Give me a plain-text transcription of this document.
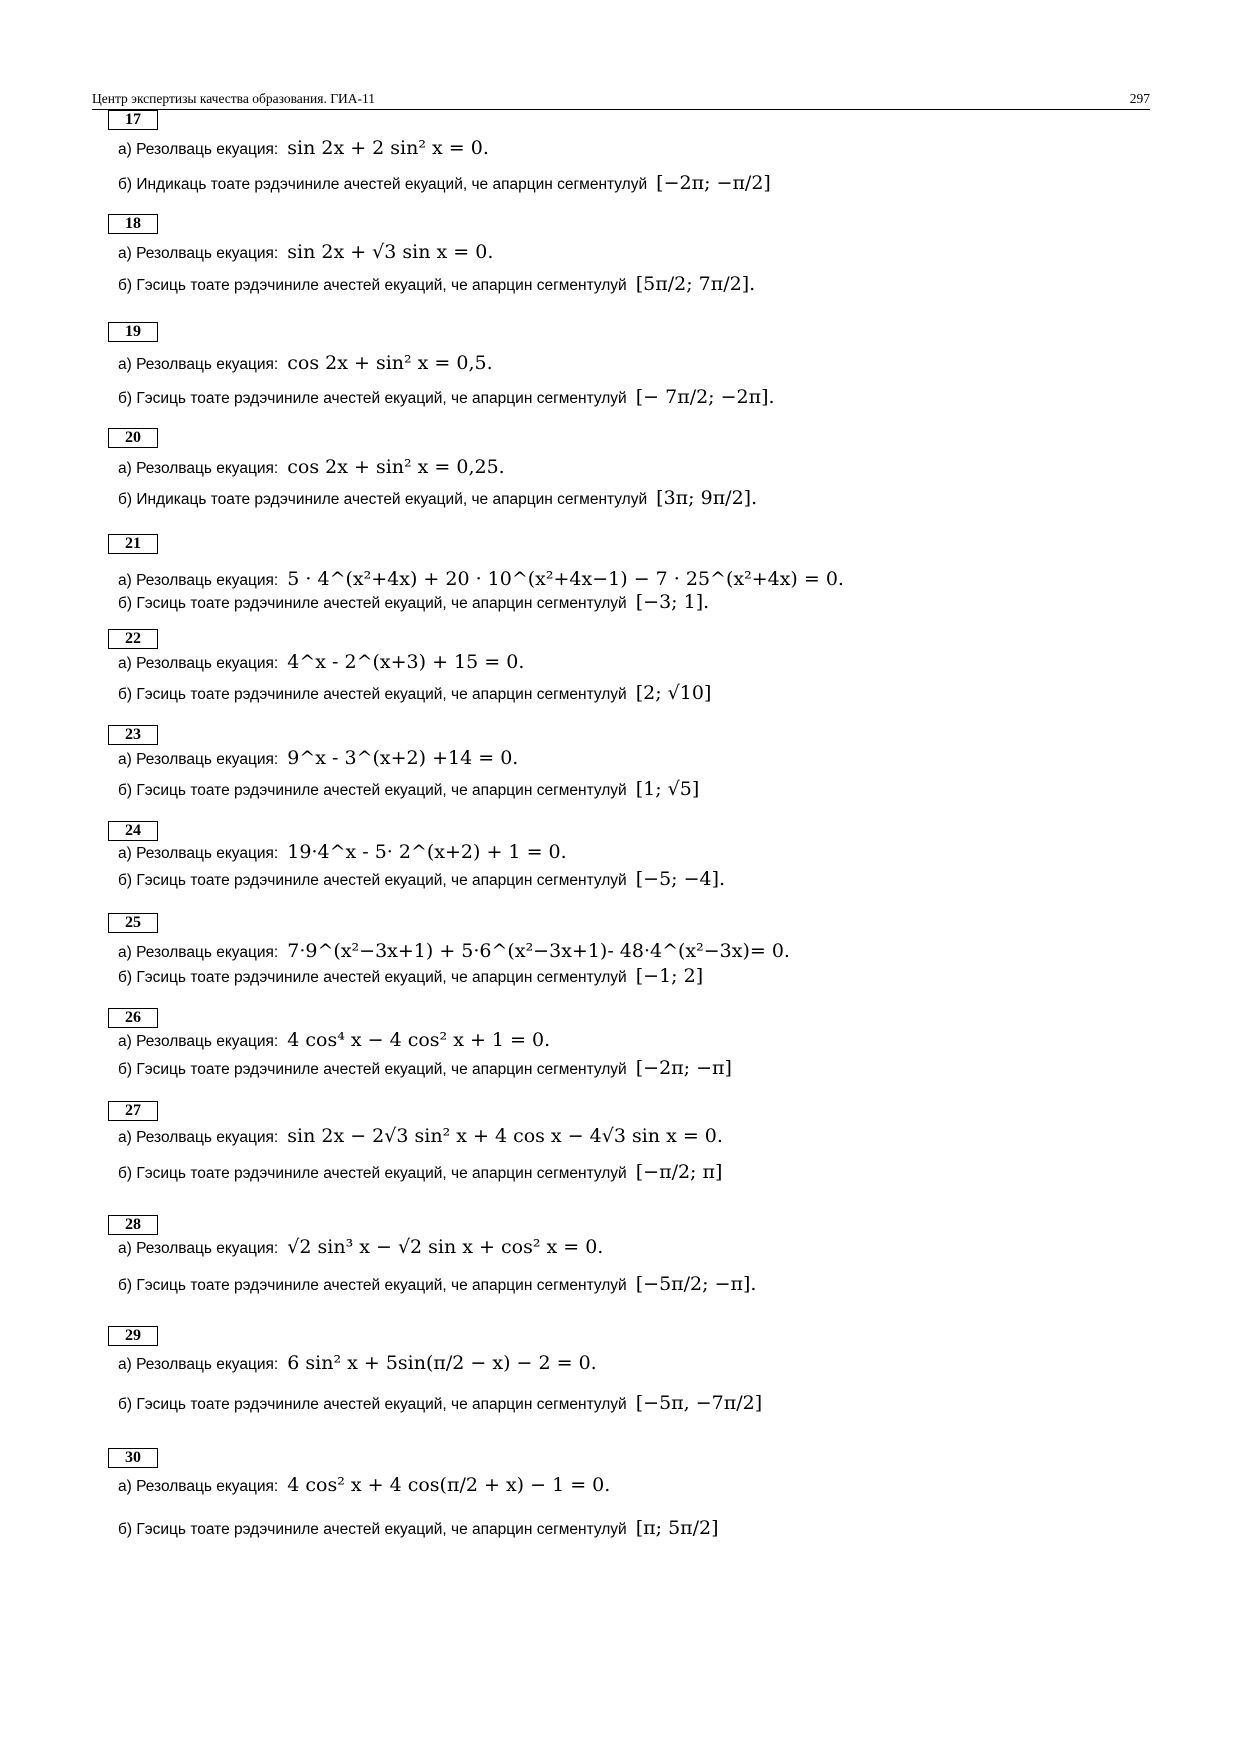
Центр экспертизы качества образования. ГИА-11	297
17
а) Резолваць екуация: sin 2x + 2 sin² x = 0.
б) Индикаць тоате рэдэчиниле ачестей екуаций, че апарцин сегментулуй [−2π; −π/2]
18
а) Резолваць екуация: sin 2x + √3 sin x = 0.
б) Гэсиць тоате рэдэчиниле ачестей екуаций, че апарцин сегментулуй [5π/2; 7π/2].
19
а) Резолваць екуация: cos 2x + sin² x = 0,5.
б) Гэсиць тоате рэдэчиниле ачестей екуаций, че апарцин сегментулуй [− 7π/2; −2π].
20
а) Резолваць екуация: cos 2x + sin² x = 0,25.
б) Индикаць тоате рэдэчиниле ачестей екуаций, че апарцин сегментулуй [3π; 9π/2].
21
а) Резолваць екуация: 5 · 4^(x²+4x) + 20 · 10^(x²+4x−1) − 7 · 25^(x²+4x) = 0.
б) Гэсиць тоате рэдэчиниле ачестей екуаций, че апарцин сегментулуй [−3; 1].
22
а) Резолваць екуация: 4^x - 2^(x+3) + 15 = 0.
б) Гэсиць тоате рэдэчиниле ачестей екуаций, че апарцин сегментулуй [2; √10]
23
а) Резолваць екуация: 9^x - 3^(x+2) +14 = 0.
б) Гэсиць тоате рэдэчиниле ачестей екуаций, че апарцин сегментулуй [1; √5]
24
а) Резолваць екуация: 19·4^x - 5· 2^(x+2) + 1 = 0.
б) Гэсиць тоате рэдэчиниле ачестей екуаций, че апарцин сегментулуй [−5; −4].
25
а) Резолваць екуация: 7·9^(x²−3x+1) + 5·6^(x²−3x+1)- 48·4^(x²−3x)= 0.
б) Гэсиць тоате рэдэчиниле ачестей екуаций, че апарцин сегментулуй [−1; 2]
26
а) Резолваць екуация: 4 cos⁴ x − 4 cos² x + 1 = 0.
б) Гэсиць тоате рэдэчиниле ачестей екуаций, че апарцин сегментулуй [−2π; −π]
27
а) Резолваць екуация: sin 2x − 2√3 sin² x + 4 cos x − 4√3 sin x = 0.
б) Гэсиць тоате рэдэчиниле ачестей екуаций, че апарцин сегментулуй [−π/2; π]
28
а) Резолваць екуация: √2 sin³ x − √2 sin x + cos² x = 0.
б) Гэсиць тоате рэдэчиниле ачестей екуаций, че апарцин сегментулуй [−5π/2; −π].
29
а) Резолваць екуация: 6 sin² x + 5sin(π/2 − x) − 2 = 0.
б) Гэсиць тоате рэдэчиниле ачестей екуаций, че апарцин сегментулуй [−5π, −7π/2]
30
а) Резолваць екуация: 4 cos² x + 4 cos(π/2 + x) − 1 = 0.
б) Гэсиць тоате рэдэчиниле ачестей екуаций, че апарцин сегментулуй [π; 5π/2]
